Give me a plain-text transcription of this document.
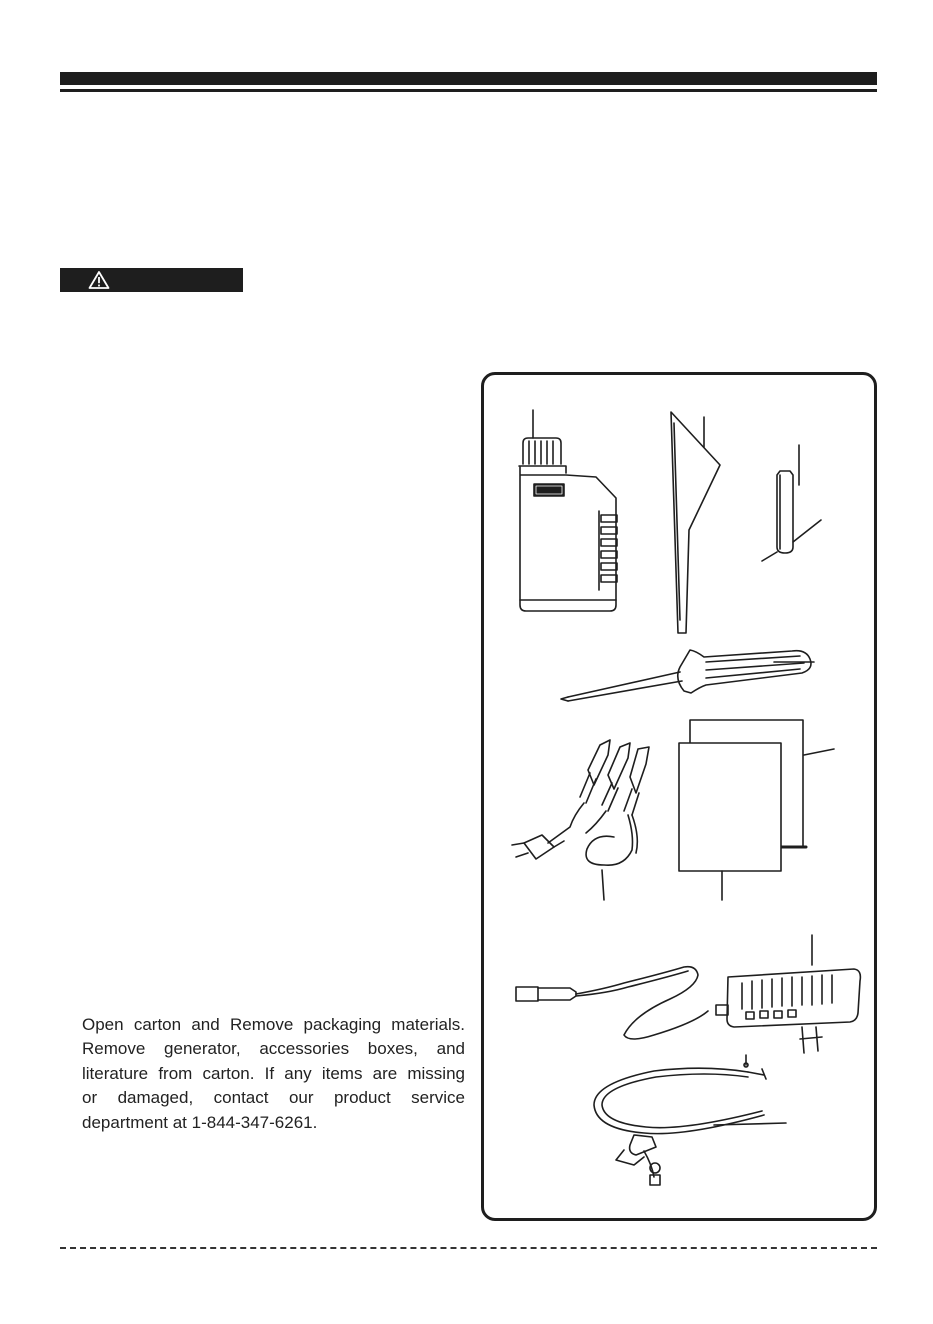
Open carton and Remove packaging materials.
Remove generator, accessories boxes, and
literature from carton. If any items are missing
or damaged, contact our product service
department at 1-844-347-6261.
